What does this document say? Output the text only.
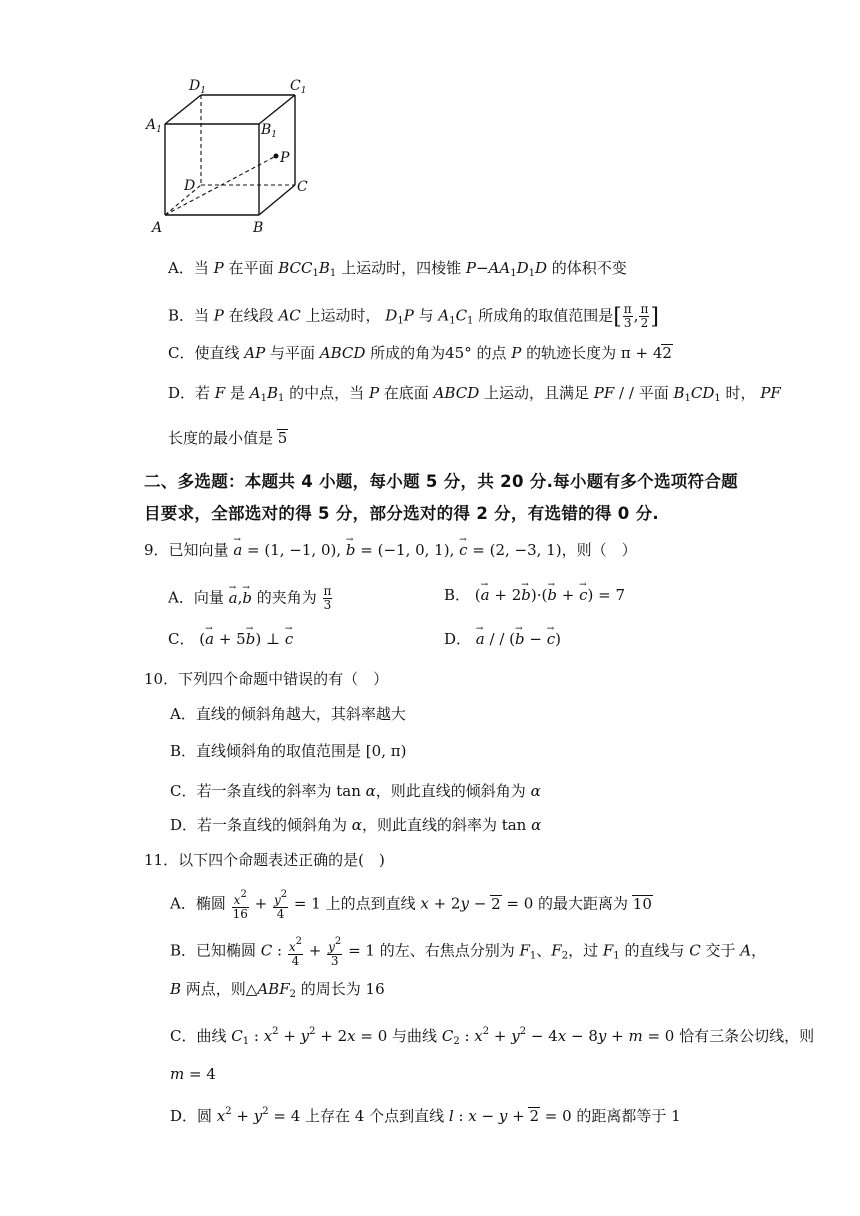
$D_1$	$C_1$
$A_1$	$B_1$
P
D	C
A	B
A．当 P 在平面 $BCC_1B_1$ 上运动时，四棱锥 $P-AA_1D_1D$ 的体积不变
B．当 P 在线段 AC 上运动时， $D_1P$ 与 $A_1C_1$ 所成角的取值范围是[ $\frac{\pi}{3}$ , $\frac{\pi}{2}$ ]
C．使直线 AP 与平面 ABCD 所成的角为45° 的点 P 的轨迹长度为 π + 42
D．若 F 是 $A_1B_1$ 的中点，当 P 在底面 ABCD 上运动，且满足 PF / / 平面 $B_1CD_1$ 时， PF
长度的最小值是 5
二、多选题：本题共 4 小题，每小题 5 分，共 20 分.每小题有多个选项符合题
目要求，全部选对的得 5 分，部分选对的得 2 分，有选错的得 0 分.
9．已知向量 → a = (1, −1, 0), → b = (−1, 0, 1), → c = (2, −3, 1)，则（　）
A．向量 → a,→ b 的夹角为 $\frac{\pi}{3}$	B． (→ a + 2→ b)·(→ b + → c) = 7
C． (→ a + 5→ b) ⊥ → c	D． → a / / (→ b − → c)
10．下列四个命题中错误的有（　）
A．直线的倾斜角越大，其斜率越大
B．直线倾斜角的取值范围是 [0, π)
C．若一条直线的斜率为 tan α，则此直线的倾斜角为 α
D．若一条直线的倾斜角为 α，则此直线的斜率为 tan α
11．以下四个命题表述正确的是(　)
A．椭圆 $\frac{x^2}{16} + \frac{y^2}{4} = 1$ 上的点到直线 x + 2y − 2 = 0 的最大距离为 10
B．已知椭圆 C : $\frac{x^2}{4} + \frac{y^2}{3} = 1$ 的左、右焦点分别为 $F_1$、$F_2$，过 $F_1$ 的直线与 C 交于 A，
B 两点，则$\triangle ABF_2$ 的周长为 16
C．曲线 $C_1$ : $x^2 + y^2 + 2x = 0$ 与曲线 $C_2$ : $x^2 + y^2 - 4x - 8y + m = 0$ 恰有三条公切线，则
m = 4
D．圆 $x^2 + y^2 = 4$ 上存在 4 个点到直线 l : x − y + 2 = 0 的距离都等于 1
